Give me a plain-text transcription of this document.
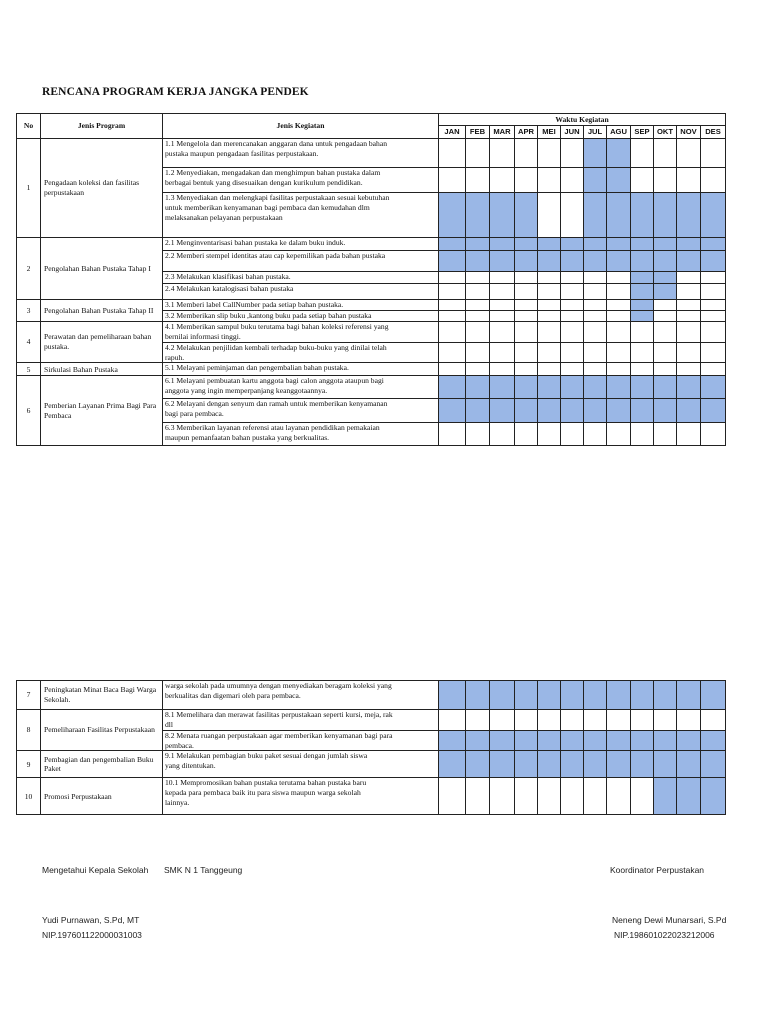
RENCANA PROGRAM KERJA JANGKA PENDEK
No	Jenis Program	Jenis Kegiatan	Waktu Kegiatan											
			JAN	FEB	MAR	APR	MEI	JUN	JUL	AGU	SEP	OKT	NOV	DES
1	Pengadaan koleksi dan fasilitas perpustakaan	1.1 Mengelola dan merencanakan anggaran dana untuk pengadaan bahan
pustaka maupun pengadaan fasilitas perpustakaan.												

		1.2 Menyediakan, mengadakan dan menghimpun bahan pustaka dalam
berbagai bentuk yang disesuaikan dengan kurikulum pendidikan.												

		1.3 Menyediakan dan melengkapi fasilitas perpustakaan sesuai kebutuhan
untuk memberikan kenyamanan bagi pembaca dan kemudahan dlm
melaksanakan pelayanan perpustakaan												

2	Pengolahan Bahan Pustaka Tahap I	2.1 Menginventarisasi bahan pustaka ke dalam buku induk.												

		2.2 Memberi stempel identitas atau cap kepemilikan pada bahan pustaka												

		2.3 Melakukan klasifikasi bahan pustaka.												

		2.4 Melakukan katalogisasi bahan pustaka												

3	Pengolahan Bahan Pustaka Tahap II	3.1 Memberi label CallNumber pada setiap bahan pustaka.												

		3.2 Memberikan slip buku ,kantong buku pada setiap bahan pustaka												

4	Perawatan dan pemeliharaan bahan pustaka.	4.1 Memberikan sampul buku terutama bagi bahan koleksi referensi yang
bernilai informasi tinggi.												

		4.2 Melakukan penjilidan kembali terhadap buku-buku yang dinilai telah
rapuh.												

5	Sirkulasi Bahan Pustaka	5.1 Melayani peminjaman dan pengembalian bahan pustaka.												

6	Pemberian Layanan Prima Bagi Para Pembaca	6.1 Melayani pembuatan kartu anggota bagi calon anggota ataupun bagi
anggota yang ingin memperpanjang keanggotaannya.												

		6.2 Melayani dengan senyum dan ramah untuk memberikan kenyamanan
bagi para pembaca.												

		6.3 Memberikan layanan referensi atau layanan pendidikan pemakaian
maupun pemanfaatan bahan pustaka yang berkualitas.												

7	Peningkatan Minat Baca Bagi Warga Sekolah.	warga sekolah pada umumnya dengan menyediakan beragam koleksi yang
berkualitas dan digemari oleh para pembaca.												

8	Pemeliharaan Fasilitas Perpustakaan	8.1 Memelihara dan merawat fasilitas perpustakaan seperti kursi, meja, rak
dll												

		8.2 Menata ruangan perpustakaan agar memberikan kenyamanan bagi para
pembaca.												

9	Pembagian dan pengembalian Buku Paket	9.1 Melakukan pembagian buku paket sesuai dengan jumlah siswa
yang ditentukan.												

10	Promosi Perpustakaan	10.1 Mempromosikan bahan pustaka terutama bahan pustaka baru
kepada para pembaca baik itu para siswa maupun warga sekolah
lainnya.												

Mengetahui Kepala Sekolah SMK N 1 Tanggeung	Koordinator Perpustakan
Yudi Purnawan, S.Pd, MT
NIP.197601122000031003
Neneng Dewi Munarsari, S.Pd
NIP.198601022023212006
